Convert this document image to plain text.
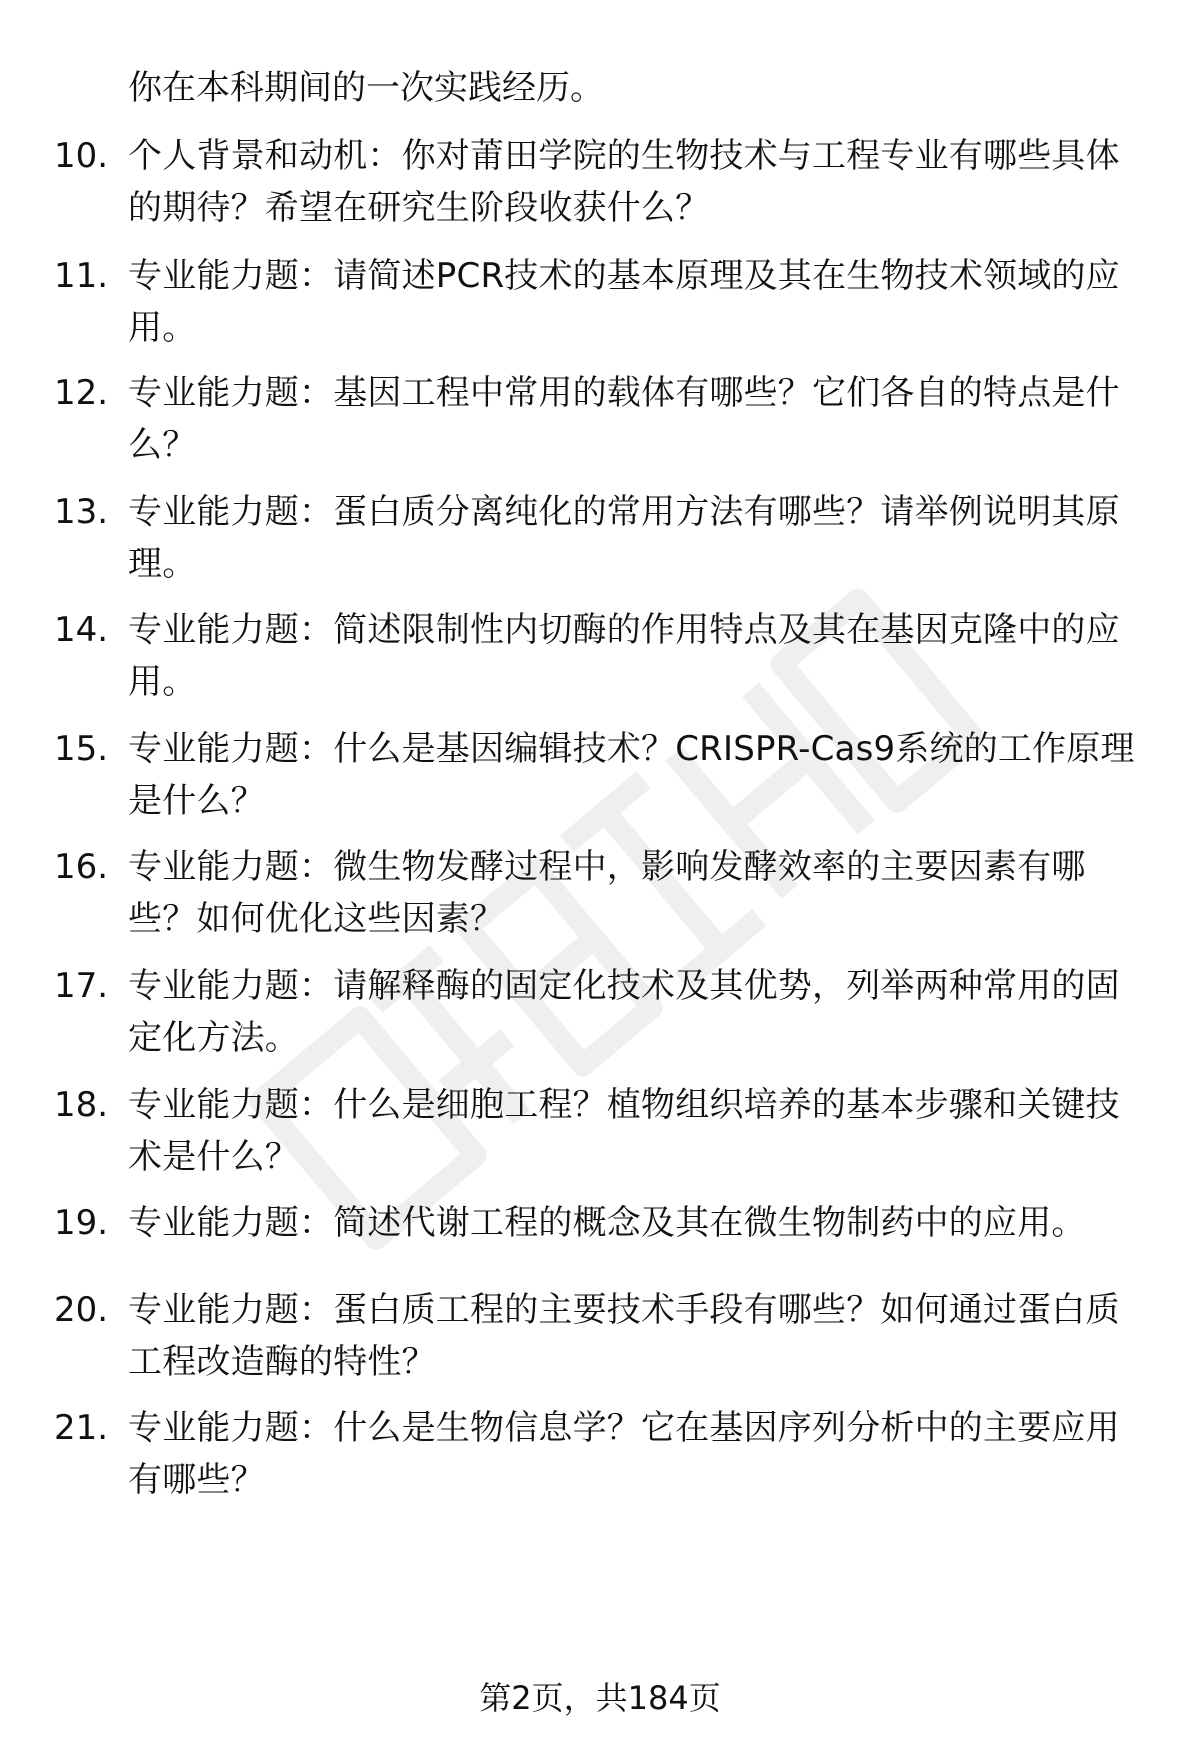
你在本科期间的一次实践经历。
10. 个人背景和动机：你对莆田学院的生物技术与工程专业有哪些具体的期待？希望在研究生阶段收获什么？
11. 专业能力题：请简述PCR技术的基本原理及其在生物技术领域的应用。
12. 专业能力题：基因工程中常用的载体有哪些？它们各自的特点是什么？
13. 专业能力题：蛋白质分离纯化的常用方法有哪些？请举例说明其原理。
14. 专业能力题：简述限制性内切酶的作用特点及其在基因克隆中的应用。
15. 专业能力题：什么是基因编辑技术？CRISPR-Cas9系统的工作原理是什么？
16. 专业能力题：微生物发酵过程中，影响发酵效率的主要因素有哪些？如何优化这些因素？
17. 专业能力题：请解释酶的固定化技术及其优势，列举两种常用的固定化方法。
18. 专业能力题：什么是细胞工程？植物组织培养的基本步骤和关键技术是什么？
19. 专业能力题：简述代谢工程的概念及其在微生物制药中的应用。
20. 专业能力题：蛋白质工程的主要技术手段有哪些？如何通过蛋白质工程改造酶的特性？
21. 专业能力题：什么是生物信息学？它在基因序列分析中的主要应用有哪些？
第2页，共184页
